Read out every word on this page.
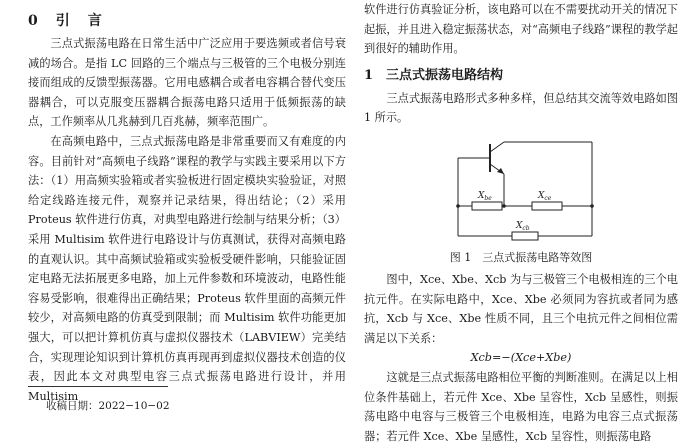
0　引　言

三点式振荡电路在日常生活中广泛应用于要选频或者信号衰减的场合。是指 LC 回路的三个端点与三极管的三个电极分别连接而组成的反馈型振荡器。它用电感耦合或者电容耦合替代变压器耦合，可以克服变压器耦合振荡电路只适用于低频振荡的缺点，工作频率从几兆赫到几百兆赫，频率范围广。

在高频电路中，三点式振荡电路是非常重要而又有难度的内容。目前针对“高频电子线路”课程的教学与实践主要采用以下方法：（1）用高频实验箱或者实验板进行固定模块实验验证，对照给定线路连接元件，观察并记录结果，得出结论；（2）采用 Proteus 软件进行仿真，对典型电路进行绘制与结果分析；（3）采用 Multisim 软件进行电路设计与仿真测试，获得对高频电路的直观认识。其中高频试验箱或实验板受硬件影响，只能验证固定电路无法拓展更多电路，加上元件参数和环境波动，电路性能容易受影响，很难得出正确结果；Proteus 软件里面的高频元件较少，对高频电路的仿真受到限制；而 Multisim 软件功能更加强大，可以把计算机仿真与虚拟仪器技术（LABVIEW）完美结合，实现理论知识到计算机仿真再现再到虚拟仪器技术创造的仪表，因此本文对典型电容三点式振荡电路进行设计，并用 Multisim

收稿日期：2022−10−02

软件进行仿真验证分析，该电路可以在不需要扰动开关的情况下起振，并且进入稳定振荡状态，对“高频电子线路”课程的教学起到很好的辅助作用。

1　三点式振荡电路结构

三点式振荡电路形式多种多样，但总结其交流等效电路如图 1 所示。

$X_{be}$	$X_{ce}$
$X_{cb}$
图 1　三点式振荡电路等效图

图中，Xce、Xbe、Xcb 为与三极管三个电极相连的三个电抗元件。在实际电路中，Xce、Xbe 必须同为容抗或者同为感抗，Xcb 与 Xce、Xbe 性质不同，且三个电抗元件之间相位需满足以下关系：

Xcb=−(Xce+Xbe)

这就是三点式振荡电路相位平衡的判断准则。在满足以上相位条件基础上，若元件 Xce、Xbe 呈容性，Xcb 呈感性，则振荡电路中电容与三极管三个电极相连，电路为电容三点式振荡器；若元件 Xce、Xbe 呈感性，Xcb 呈容性，则振荡电路
